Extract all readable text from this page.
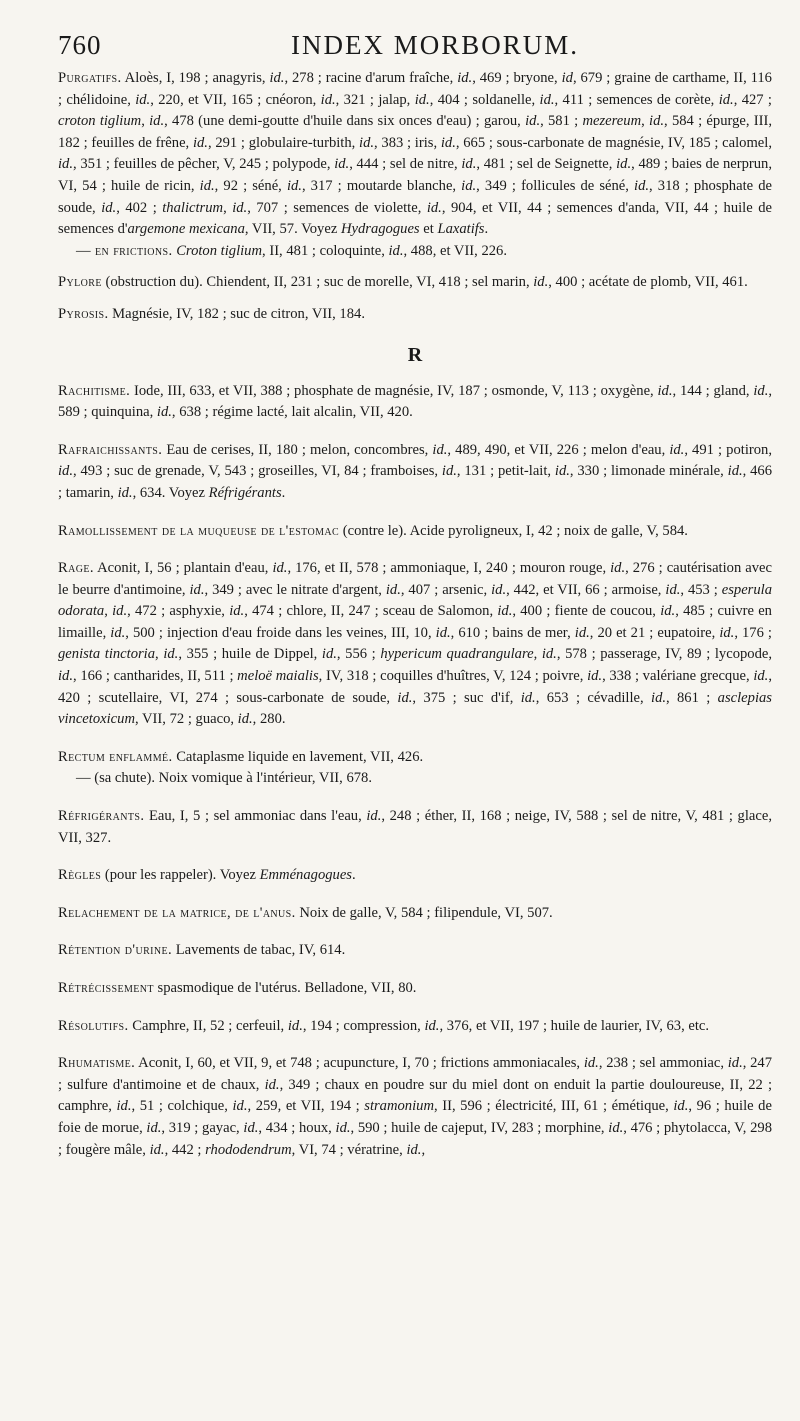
760	INDEX MORBORUM.

Purgatifs. Aloès, I, 198 ; anagyris, id., 278 ; racine d'arum fraîche, id., 469 ; bryone, id, 679 ; graine de carthame, II, 116 ; chélidoine, id., 220, et VII, 165 ; cnéoron, id., 321 ; jalap, id., 404 ; soldanelle, id., 411 ; semences de corète, id., 427 ; croton tiglium, id., 478 (une demi-goutte d'huile dans six onces d'eau) ; garou, id., 581 ; mezereum, id., 584 ; épurge, III, 182 ; feuilles de frêne, id., 291 ; globulaire-turbith, id., 383 ; iris, id., 665 ; sous-carbonate de magnésie, IV, 185 ; calomel, id., 351 ; feuilles de pêcher, V, 245 ; polypode, id., 444 ; sel de nitre, id., 481 ; sel de Seignette, id., 489 ; baies de nerprun, VI, 54 ; huile de ricin, id., 92 ; séné, id., 317 ; moutarde blanche, id., 349 ; follicules de séné, id., 318 ; phosphate de soude, id., 402 ; thalictrum, id., 707 ; semences de violette, id., 904, et VII, 44 ; semences d'anda, VII, 44 ; huile de semences d'argemone mexicana, VII, 57. Voyez Hydragogues et Laxatifs.

— en frictions. Croton tiglium, II, 481 ; coloquinte, id., 488, et VII, 226.

Pylore (obstruction du). Chiendent, II, 231 ; suc de morelle, VI, 418 ; sel marin, id., 400 ; acétate de plomb, VII, 461.

Pyrosis. Magnésie, IV, 182 ; suc de citron, VII, 184.

R

Rachitisme. Iode, III, 633, et VII, 388 ; phosphate de magnésie, IV, 187 ; osmonde, V, 113 ; oxygène, id., 144 ; gland, id., 589 ; quinquina, id., 638 ; régime lacté, lait alcalin, VII, 420.

Rafraichissants. Eau de cerises, II, 180 ; melon, concombres, id., 489, 490, et VII, 226 ; melon d'eau, id., 491 ; potiron, id., 493 ; suc de grenade, V, 543 ; groseilles, VI, 84 ; framboises, id., 131 ; petit-lait, id., 330 ; limonade minérale, id., 466 ; tamarin, id., 634. Voyez Réfrigérants.

Ramollissement de la muqueuse de l'estomac (contre le). Acide pyroligneux, I, 42 ; noix de galle, V, 584.

Rage. Aconit, I, 56 ; plantain d'eau, id., 176, et II, 578 ; ammoniaque, I, 240 ; mouron rouge, id., 276 ; cautérisation avec le beurre d'antimoine, id., 349 ; avec le nitrate d'argent, id., 407 ; arsenic, id., 442, et VII, 66 ; armoise, id., 453 ; esperula odorata, id., 472 ; asphyxie, id., 474 ; chlore, II, 247 ; sceau de Salomon, id., 400 ; fiente de coucou, id., 485 ; cuivre en limaille, id., 500 ; injection d'eau froide dans les veines, III, 10, id., 610 ; bains de mer, id., 20 et 21 ; eupatoire, id., 176 ; genista tinctoria, id., 355 ; huile de Dippel, id., 556 ; hypericum quadrangulare, id., 578 ; passerage, IV, 89 ; lycopode, id., 166 ; cantharides, II, 511 ; meloë maialis, IV, 318 ; coquilles d'huîtres, V, 124 ; poivre, id., 338 ; valériane grecque, id., 420 ; scutellaire, VI, 274 ; sous-carbonate de soude, id., 375 ; suc d'if, id., 653 ; cévadille, id., 861 ; asclepias vincetoxicum, VII, 72 ; guaco, id., 280.

Rectum enflammé. Cataplasme liquide en lavement, VII, 426.

— (sa chute). Noix vomique à l'intérieur, VII, 678.

Réfrigérants. Eau, I, 5 ; sel ammoniac dans l'eau, id., 248 ; éther, II, 168 ; neige, IV, 588 ; sel de nitre, V, 481 ; glace, VII, 327.

Règles (pour les rappeler). Voyez Emménagogues.

Relachement de la matrice, de l'anus. Noix de galle, V, 584 ; filipendule, VI, 507.

Rétention d'urine. Lavements de tabac, IV, 614.

Rétrécissement spasmodique de l'utérus. Belladone, VII, 80.

Résolutifs. Camphre, II, 52 ; cerfeuil, id., 194 ; compression, id., 376, et VII, 197 ; huile de laurier, IV, 63, etc.

Rhumatisme. Aconit, I, 60, et VII, 9, et 748 ; acupuncture, I, 70 ; frictions ammoniacales, id., 238 ; sel ammoniac, id., 247 ; sulfure d'antimoine et de chaux, id., 349 ; chaux en poudre sur du miel dont on enduit la partie douloureuse, II, 22 ; camphre, id., 51 ; colchique, id., 259, et VII, 194 ; stramonium, II, 596 ; électricité, III, 61 ; émétique, id., 96 ; huile de foie de morue, id., 319 ; gayac, id., 434 ; houx, id., 590 ; huile de cajeput, IV, 283 ; morphine, id., 476 ; phytolacca, V, 298 ; fougère mâle, id., 442 ; rhododendrum, VI, 74 ; vératrine, id.,
